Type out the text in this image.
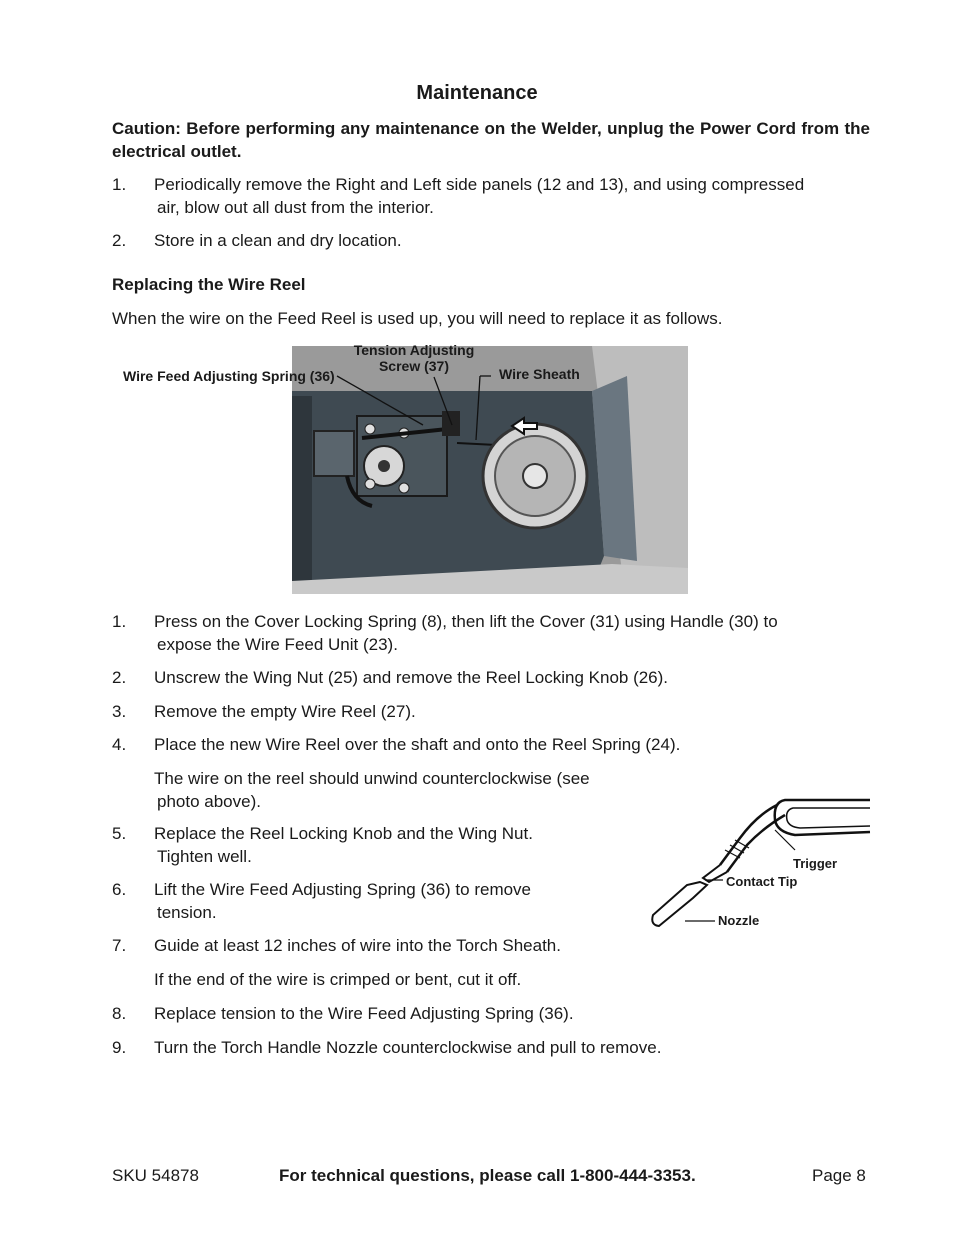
Maintenance
Caution: Before performing any maintenance on the Welder, unplug the Power Cord from the electrical outlet.
1.	Periodically remove the Right and Left side panels (12 and 13), and using compressed
air, blow out all dust from the interior.
2.	Store in a clean and dry location.
Replacing the Wire Reel
When the wire on the Feed Reel is used up, you will need to replace it as follows.
Wire Feed Adjusting Spring (36)
Tension Adjusting
Screw (37)	Wire Sheath
1.	Press on the Cover Locking Spring (8), then lift the Cover (31) using Handle (30) to
expose the Wire Feed Unit (23).
2.	Unscrew the Wing Nut (25) and remove the Reel Locking Knob (26).
3.	Remove the empty Wire Reel (27).
4.	Place the new Wire Reel over the shaft and onto the Reel Spring (24).
The wire on the reel should unwind counterclockwise (see
photo above).
5.	Replace the Reel Locking Knob and the Wing Nut.
Tighten well.
6.	Lift the Wire Feed Adjusting Spring (36) to remove
tension.
7.	Guide at least 12 inches of wire into the Torch Sheath.
If the end of the wire is crimped or bent, cut it off.
8.	Replace tension to the Wire Feed Adjusting Spring (36).
9.	Turn the Torch Handle Nozzle counterclockwise and pull to remove.
Trigger
Contact Tip
Nozzle
SKU 54878	For technical questions, please call 1-800-444-3353.	Page 8
